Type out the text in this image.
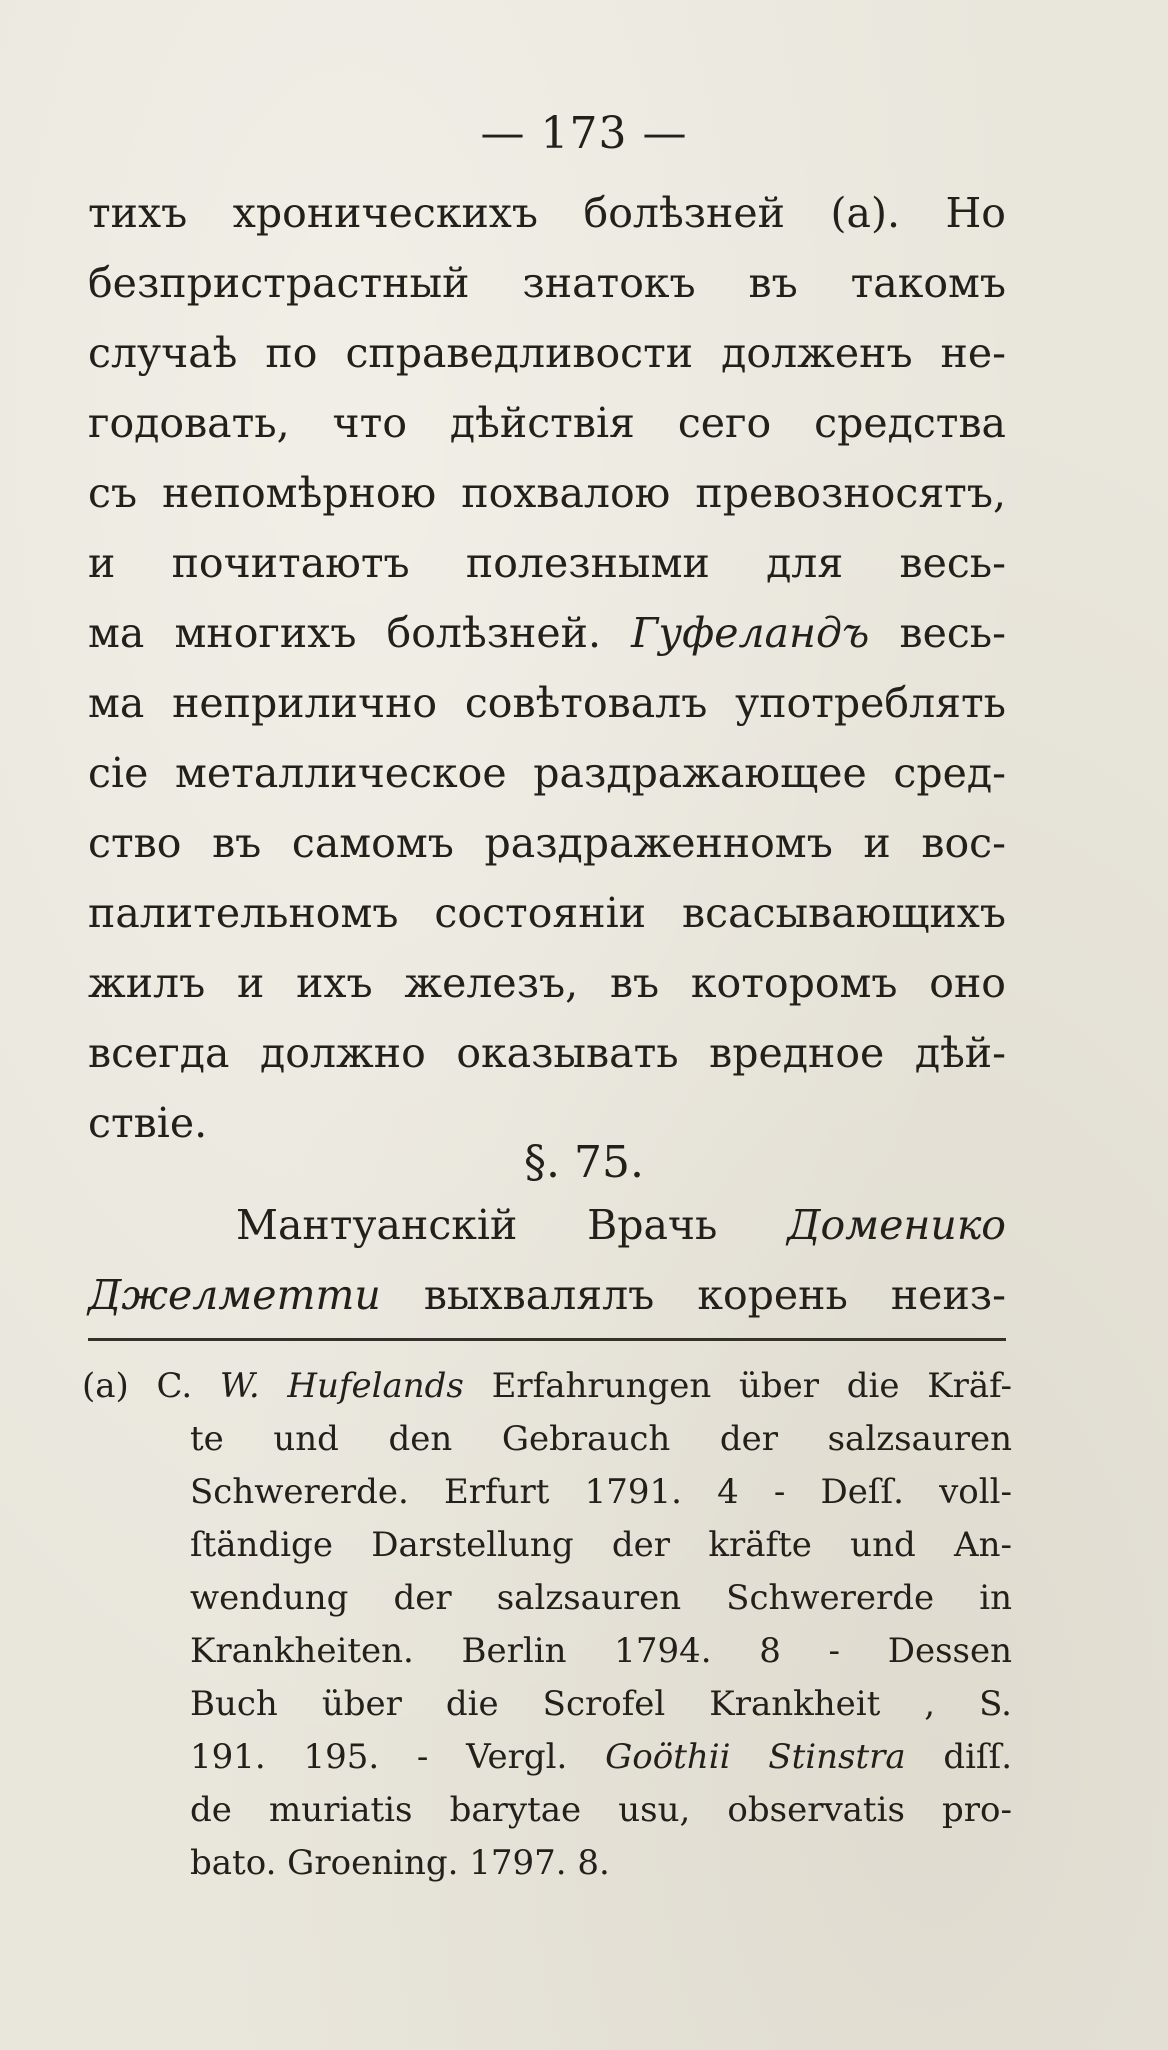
— 173 —
тихъ хроническихъ болѣзней (а). Но
безпристрастный знатокъ въ такомъ
случаѣ по справедливости долженъ не-
годовать, что дѣйствiя сего средства
съ непомѣрною похвалою превозносятъ,
и почитаютъ полезными для весь-
ма многихъ болѣзней. Гуфеландъ весь-
ма неприлично совѣтовалъ употреблять
сiе металлическое раздражающее сред-
ство въ самомъ раздраженномъ и вос-
палительномъ состоянiи всасывающихъ
жилъ и ихъ железъ, въ которомъ оно
всегда должно оказывать вредное дѣй-
ствiе.
§. 75.
Мантуанскiй Врачь Доменико
Джелметти выхвалялъ корень неиз-
(a) C. W. Hufelands Erfahrungen über die Kräf-
te und den Gebrauch der salzsauren
Schwererde. Erfurt 1791. 4 - Deſſ. voll-
ſtändige Darstellung der kräfte und An-
wendung der salzsauren Schwererde in
Krankheiten. Berlin 1794. 8 - Dessen
Buch über die Scrofel Krankheit , S.
191. 195. - Vergl. Goöthii Stinstra diſſ.
de muriatis barytae usu, observatis pro-
bato. Groening. 1797. 8.
